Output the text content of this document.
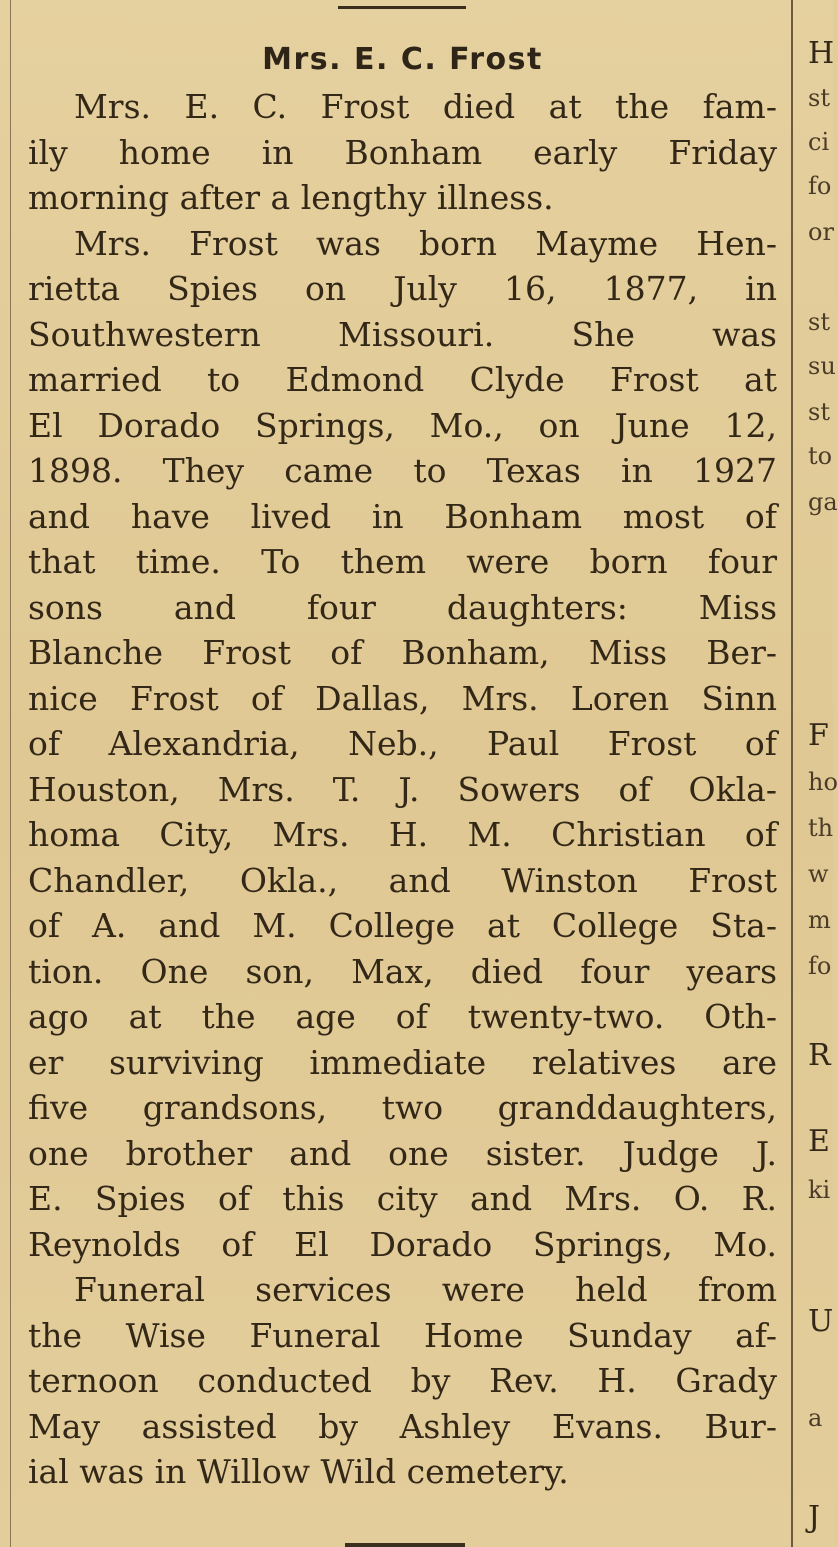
Mrs. E. C. Frost

Mrs. E. C. Frost died at the fam-
ily home in Bonham early Friday
morning after a lengthy illness.

Mrs. Frost was born Mayme Hen-
rietta Spies on July 16, 1877, in
Southwestern Missouri. She was
married to Edmond Clyde Frost at
El Dorado Springs, Mo., on June 12,
1898. They came to Texas in 1927
and have lived in Bonham most of
that time. To them were born four
sons and four daughters: Miss
Blanche Frost of Bonham, Miss Ber-
nice Frost of Dallas, Mrs. Loren Sinn
of Alexandria, Neb., Paul Frost of
Houston, Mrs. T. J. Sowers of Okla-
homa City, Mrs. H. M. Christian of
Chandler, Okla., and Winston Frost
of A. and M. College at College Sta-
tion. One son, Max, died four years
ago at the age of twenty-two. Oth-
er surviving immediate relatives are
five grandsons, two granddaughters,
one brother and one sister. Judge J.
E. Spies of this city and Mrs. O. R.
Reynolds of El Dorado Springs, Mo.

Funeral services were held from
the Wise Funeral Home Sunday af-
ternoon conducted by Rev. H. Grady
May assisted by Ashley Evans. Bur-
ial was in Willow Wild cemetery.

H
st
ci
fo
or
st
su
st
to
ga
F
ho
th
w
m
fo
R
E
ki
U
a
J
